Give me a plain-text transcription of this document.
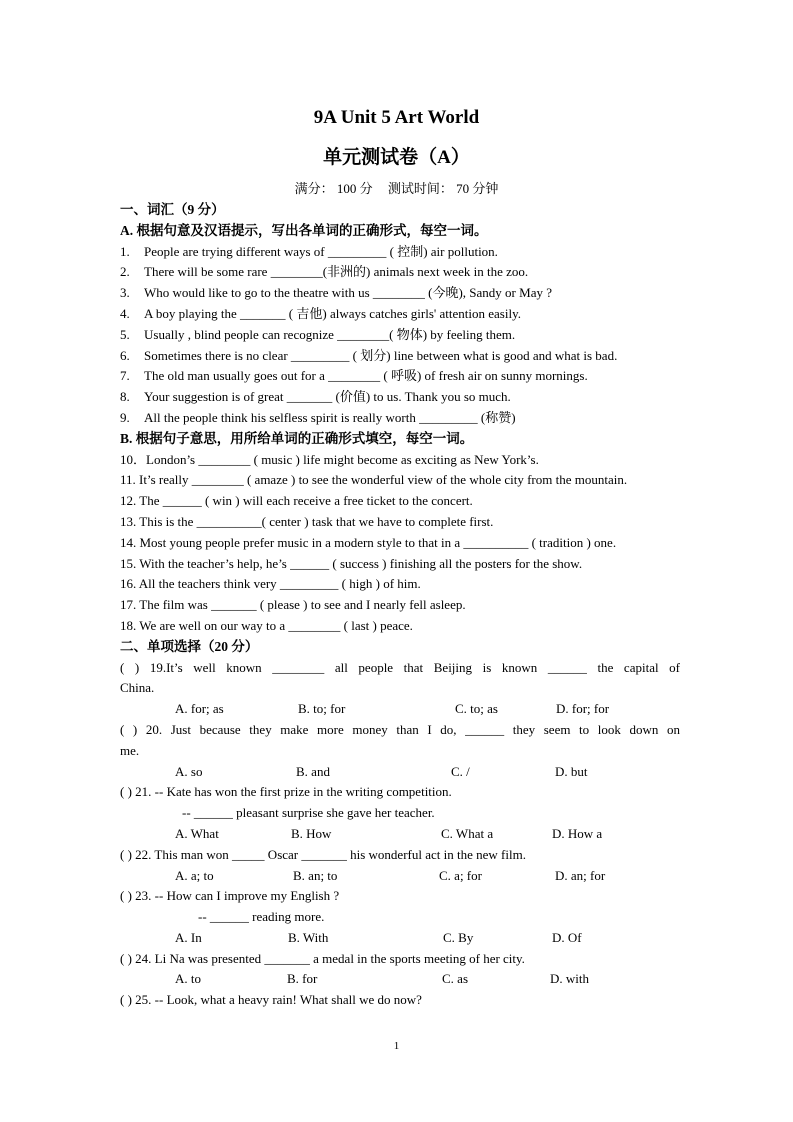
9A Unit 5 Art World
单元测试卷（A）
满分： 100 分 测试时间： 70 分钟
一、词汇（9 分）
A. 根据句意及汉语提示，写出各单词的正确形式，每空一词。
1. People are trying different ways of _________ ( 控制) air pollution.
2. There will be some rare ________(非洲的) animals next week in the zoo.
3. Who would like to go to the theatre with us ________ (今晚), Sandy or May ?
4. A boy playing the _______ ( 吉他) always catches girls' attention easily.
5. Usually , blind people can recognize ________( 物体) by feeling them.
6. Sometimes there is no clear _________ ( 划分) line between what is good and what is bad.
7. The old man usually goes out for a ________ ( 呼吸) of fresh air on sunny mornings.
8. Your suggestion is of great _______ (价值) to us. Thank you so much.
9. All the people think his selfless spirit is really worth _________ (称赞)
B. 根据句子意思，用所给单词的正确形式填空，每空一词。
10．London’s ________ ( music ) life might become as exciting as New York’s.
11. It’s really ________ ( amaze ) to see the wonderful view of the whole city from the mountain.
12. The ______ ( win ) will each receive a free ticket to the concert.
13. This is the __________( center ) task that we have to complete first.
14. Most young people prefer music in a modern style to that in a __________ ( tradition ) one.
15. With the teacher’s help, he’s ______ ( success ) finishing all the posters for the show.
16. All the teachers think very _________ ( high ) of him.
17. The film was _______ ( please ) to see and I nearly fell asleep.
18. We are well on our way to a ________ ( last ) peace.
二、单项选择（20 分）
( ) 19.It’s well known ________ all people that Beijing is known ______ the capital of
China.
A. for; as	B. to; for	C. to; as	D. for; for
( ) 20. Just because they make more money than I do, ______ they seem to look down on
me.
A. so	B. and	C. /	D. but
( ) 21. -- Kate has won the first prize in the writing competition.
-- ______ pleasant surprise she gave her teacher.
A. What	B. How	C. What a	D. How a
( ) 22. This man won _____ Oscar _______ his wonderful act in the new film.
A. a; to	B. an; to	C. a; for	D. an; for
( ) 23. -- How can I improve my English ?
-- ______ reading more.
A. In	B. With	C. By	D. Of
( ) 24. Li Na was presented _______ a medal in the sports meeting of her city.
A. to	B. for	C. as	D. with
( ) 25. -- Look, what a heavy rain! What shall we do now?
1
